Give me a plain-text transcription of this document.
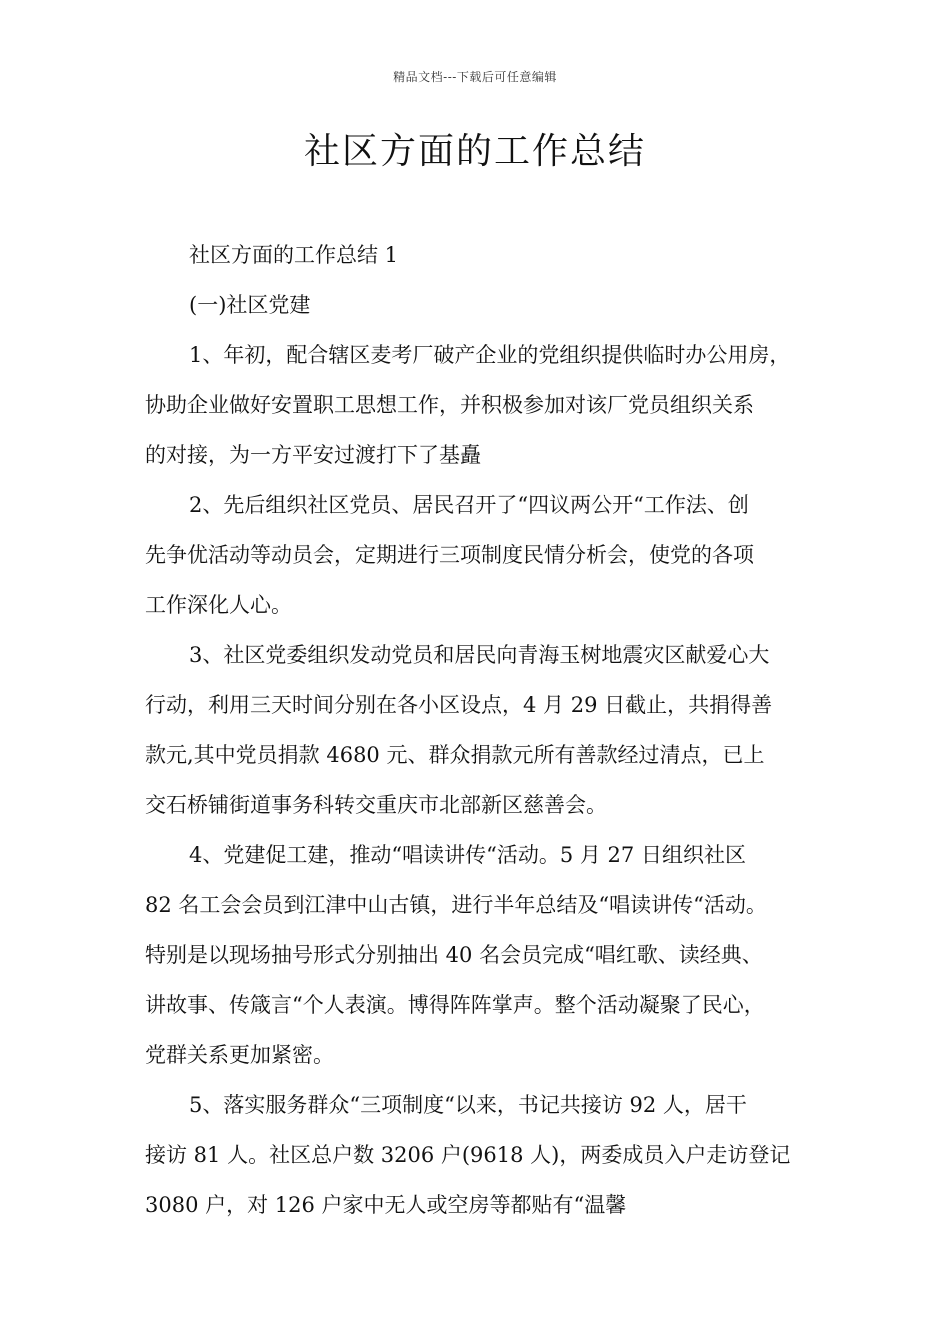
精品文档---下载后可任意编辑
社区方面的工作总结
社区方面的工作总结 1
(一)社区党建
1、年初，配合辖区麦考厂破产企业的党组织提供临时办公用房，
协助企业做好安置职工思想工作，并积极参加对该厂党员组织关系
的对接，为一方平安过渡打下了基矗
2、先后组织社区党员、居民召开了“四议两公开“工作法、创
先争优活动等动员会，定期进行三项制度民情分析会，使党的各项
工作深化人心。
3、社区党委组织发动党员和居民向青海玉树地震灾区献爱心大
行动，利用三天时间分别在各小区设点，4 月 29 日截止，共捐得善
款元,其中党员捐款 4680 元、群众捐款元所有善款经过清点，已上
交石桥铺街道事务科转交重庆市北部新区慈善会。
4、党建促工建，推动“唱读讲传“活动。5 月 27 日组织社区
82 名工会会员到江津中山古镇，进行半年总结及“唱读讲传“活动。
特别是以现场抽号形式分别抽出 40 名会员完成“唱红歌、读经典、
讲故事、传箴言“个人表演。博得阵阵掌声。整个活动凝聚了民心，
党群关系更加紧密。
5、落实服务群众“三项制度“以来，书记共接访 92 人，居干
接访 81 人。社区总户数 3206 户(9618 人)，两委成员入户走访登记
3080 户，对 126 户家中无人或空房等都贴有“温馨
